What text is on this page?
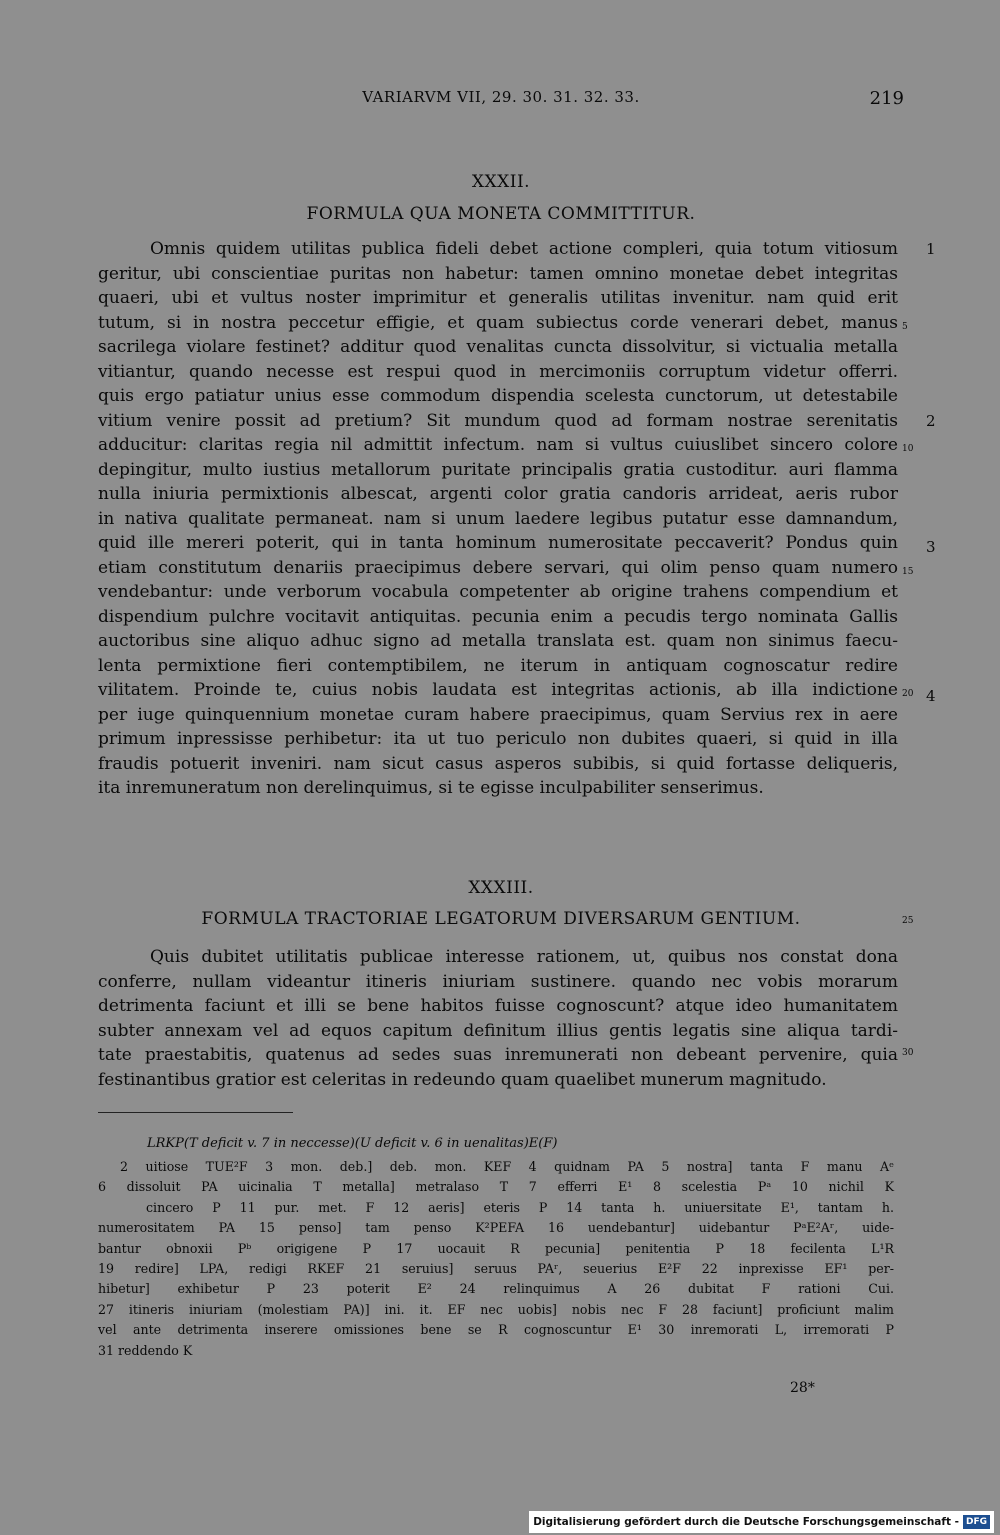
VARIARVM VII, 29. 30. 31. 32. 33.	219
XXXII.
FORMULA QUA MONETA COMMITTITUR.
Omnis quidem utilitas publica fideli debet actione compleri, quia totum vitiosum
geritur, ubi conscientiae puritas non habetur: tamen omnino monetae debet integritas
quaeri, ubi et vultus noster imprimitur et generalis utilitas invenitur. nam quid erit
tutum, si in nostra peccetur effigie, et quam subiectus corde venerari debet, manus
sacrilega violare festinet? additur quod venalitas cuncta dissolvitur, si victualia metalla
vitiantur, quando necesse est respui quod in mercimoniis corruptum videtur offerri.
quis ergo patiatur unius esse commodum dispendia scelesta cunctorum, ut detestabile
vitium venire possit ad pretium? Sit mundum quod ad formam nostrae serenitatis
adducitur: claritas regia nil admittit infectum. nam si vultus cuiuslibet sincero colore
depingitur, multo iustius metallorum puritate principalis gratia custoditur. auri flamma
nulla iniuria permixtionis albescat, argenti color gratia candoris arrideat, aeris rubor
in nativa qualitate permaneat. nam si unum laedere legibus putatur esse damnandum,
quid ille mereri poterit, qui in tanta hominum numerositate peccaverit? Pondus quin
etiam constitutum denariis praecipimus debere servari, qui olim penso quam numero
vendebantur: unde verborum vocabula competenter ab origine trahens compendium et
dispendium pulchre vocitavit antiquitas. pecunia enim a pecudis tergo nominata Gallis
auctoribus sine aliquo adhuc signo ad metalla translata est. quam non sinimus faecu-
lenta permixtione fieri contemptibilem, ne iterum in antiquam cognoscatur redire
vilitatem. Proinde te, cuius nobis laudata est integritas actionis, ab illa indictione
per iuge quinquennium monetae curam habere praecipimus, quam Servius rex in aere
primum inpressisse perhibetur: ita ut tuo periculo non dubites quaeri, si quid in illa
fraudis potuerit inveniri. nam sicut casus asperos subibis, si quid fortasse deliqueris,
ita inremuneratum non derelinquimus, si te egisse inculpabiliter senserimus.
5
10
15
20
1
2
3
4
XXXIII.
FORMULA TRACTORIAE LEGATORUM DIVERSARUM GENTIUM.	25
Quis dubitet utilitatis publicae interesse rationem, ut, quibus nos constat dona
conferre, nullam videantur itineris iniuriam sustinere. quando nec vobis morarum
detrimenta faciunt et illi se bene habitos fuisse cognoscunt? atque ideo humanitatem
subter annexam vel ad equos capitum definitum illius gentis legatis sine aliqua tardi-
tate praestabitis, quatenus ad sedes suas inremunerati non debeant pervenire, quia
festinantibus gratior est celeritas in redeundo quam quaelibet munerum magnitudo.
30
LRKP(T deficit v. 7 in neccesse)(U deficit v. 6 in uenalitas)E(F)
2 uitiose TUE²F 3 mon. deb.] deb. mon. KEF 4 quidnam PA 5 nostra] tanta F manu Aᵉ
6 dissoluit PA uicinalia T metalla] metralaso T 7 efferri E¹ 8 scelestia Pᵃ 10 nichil K
cincero P 11 pur. met. F 12 aeris] eteris P 14 tanta h. uniuersitate E¹, tantam h.
numerositatem PA 15 penso] tam penso K²PEFA 16 uendebantur] uidebantur PᵃE²Aʳ, uide-
bantur obnoxii Pᵇ origigene P 17 uocauit R pecunia] penitentia P 18 fecilenta L¹R
19 redire] LPA, redigi RKEF 21 seruius] seruus PAʳ, seuerius E²F 22 inprexisse EF¹ per-
hibetur] exhibetur P 23 poterit E² 24 relinquimus A 26 dubitat F rationi Cui.
27 itineris iniuriam (molestiam PA)] ini. it. EF nec uobis] nobis nec F 28 faciunt] proficiunt malim
vel ante detrimenta inserere omissiones bene se R cognoscuntur E¹ 30 inremorati L, irremorati P
31 reddendo K
28*
Digitalisierung gefördert durch die Deutsche Forschungsgemeinschaft - DFG
